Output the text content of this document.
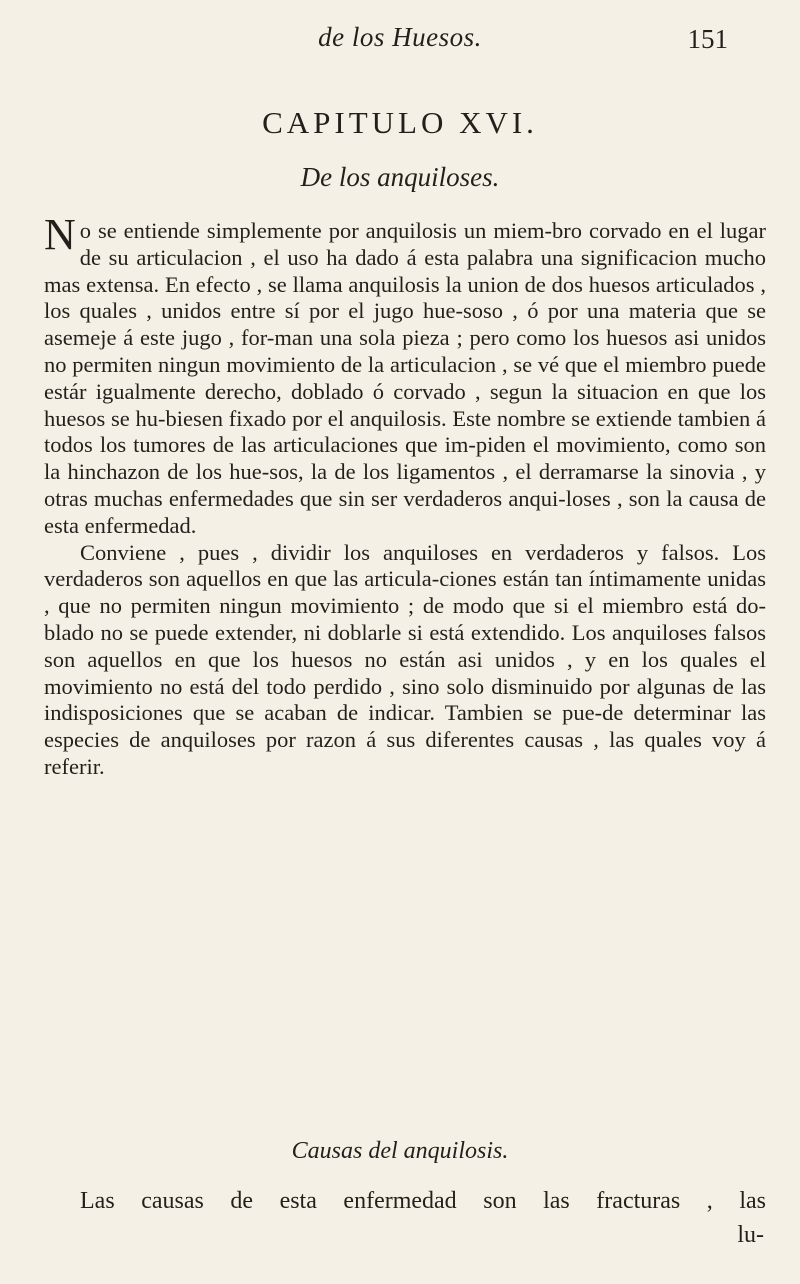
de los Huesos.	151
CAPITULO XVI.
De los anquiloses.

No se entiende simplemente por anquilosis un miem-bro corvado en el lugar de su articulacion , el uso ha dado á esta palabra una significacion mucho mas extensa. En efecto , se llama anquilosis la union de dos huesos articulados , los quales , unidos entre sí por el jugo hue-soso , ó por una materia que se asemeje á este jugo , for-man una sola pieza ; pero como los huesos asi unidos no permiten ningun movimiento de la articulacion , se vé que el miembro puede estár igualmente derecho, doblado ó corvado , segun la situacion en que los huesos se hu-biesen fixado por el anquilosis. Este nombre se extiende tambien á todos los tumores de las articulaciones que im-piden el movimiento, como son la hinchazon de los hue-sos, la de los ligamentos , el derramarse la sinovia , y otras muchas enfermedades que sin ser verdaderos anqui-loses , son la causa de esta enfermedad.

Conviene , pues , dividir los anquiloses en verdaderos y falsos. Los verdaderos son aquellos en que las articula-ciones están tan íntimamente unidas , que no permiten ningun movimiento ; de modo que si el miembro está do-blado no se puede extender, ni doblarle si está extendido. Los anquiloses falsos son aquellos en que los huesos no están asi unidos , y en los quales el movimiento no está del todo perdido , sino solo disminuido por algunas de las indisposiciones que se acaban de indicar. Tambien se pue-de determinar las especies de anquiloses por razon á sus diferentes causas , las quales voy á referir.

Causas del anquilosis.
Las causas de esta enfermedad son las fracturas , las
lu-
